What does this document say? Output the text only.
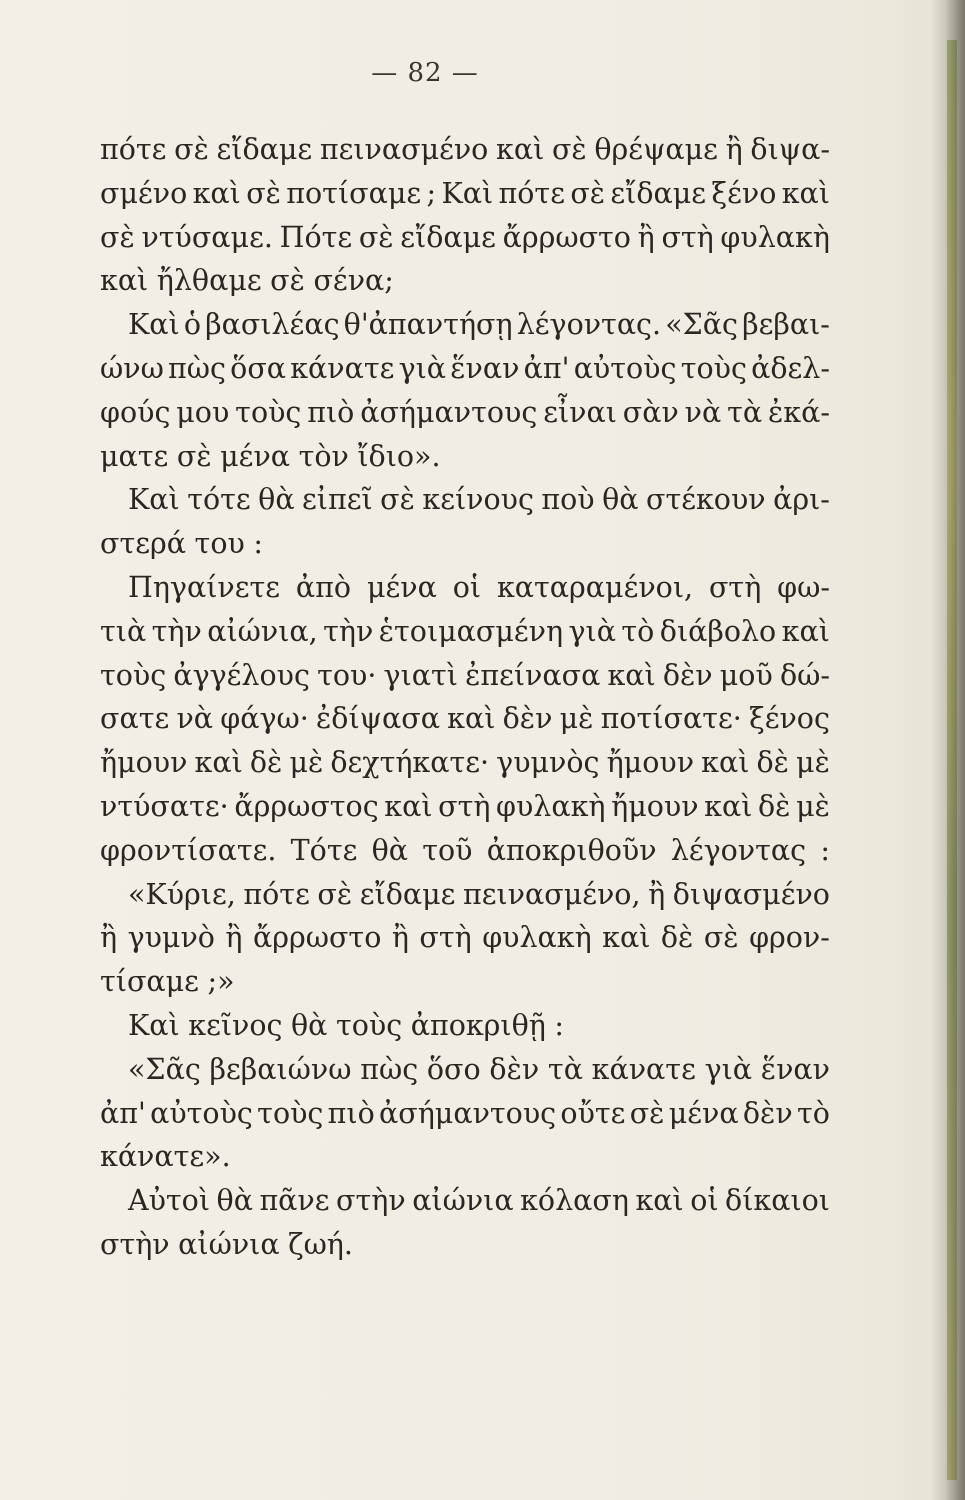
— 82 —
πότε σὲ εἴδαμε πεινασμένο καὶ σὲ θρέψαμε ἢ διψα-
σμένο καὶ σὲ ποτίσαμε ; Καὶ πότε σὲ εἴδαμε ξένο καὶ
σὲ ντύσαμε. Πότε σὲ εἴδαμε ἄρρωστο ἢ στὴ φυλακὴ
καὶ ἤλθαμε σὲ σένα;
Καὶ ὁ βασιλέας θ'ἀπαντήσῃ λέγοντας. «Σᾶς βεβαι-
ώνω πὼς ὅσα κάνατε γιὰ ἕναν ἀπ' αὐτοὺς τοὺς ἀδελ-
φούς μου τοὺς πιὸ ἀσήμαντους εἶναι σὰν νὰ τὰ ἐκά-
ματε σὲ μένα τὸν ἴδιο».
Καὶ τότε θὰ εἰπεῖ σὲ κείνους ποὺ θὰ στέκουν ἀρι-
στερά του :
Πηγαίνετε ἀπὸ μένα οἱ καταραμένοι, στὴ φω-
τιὰ τὴν αἰώνια, τὴν ἑτοιμασμένη γιὰ τὸ διάβολο καὶ
τοὺς ἀγγέλους του· γιατὶ ἐπείνασα καὶ δὲν μοῦ δώ-
σατε νὰ φάγω· ἐδίψασα καὶ δὲν μὲ ποτίσατε· ξένος
ἤμουν καὶ δὲ μὲ δεχτήκατε· γυμνὸς ἤμουν καὶ δὲ μὲ
ντύσατε· ἄρρωστος καὶ στὴ φυλακὴ ἤμουν καὶ δὲ μὲ
φροντίσατε. Τότε θὰ τοῦ ἀποκριθοῦν λέγοντας :
«Κύριε, πότε σὲ εἴδαμε πεινασμένο, ἢ διψασμένο
ἢ γυμνὸ ἢ ἄρρωστο ἢ στὴ φυλακὴ καὶ δὲ σὲ φρον-
τίσαμε ;»
Καὶ κεῖνος θὰ τοὺς ἀποκριθῇ :
«Σᾶς βεβαιώνω πὼς ὅσο δὲν τὰ κάνατε γιὰ ἕναν
ἀπ' αὐτοὺς τοὺς πιὸ ἀσήμαντους οὔτε σὲ μένα δὲν τὸ
κάνατε».
Αὐτοὶ θὰ πᾶνε στὴν αἰώνια κόλαση καὶ οἱ δίκαιοι
στὴν αἰώνια ζωή.
